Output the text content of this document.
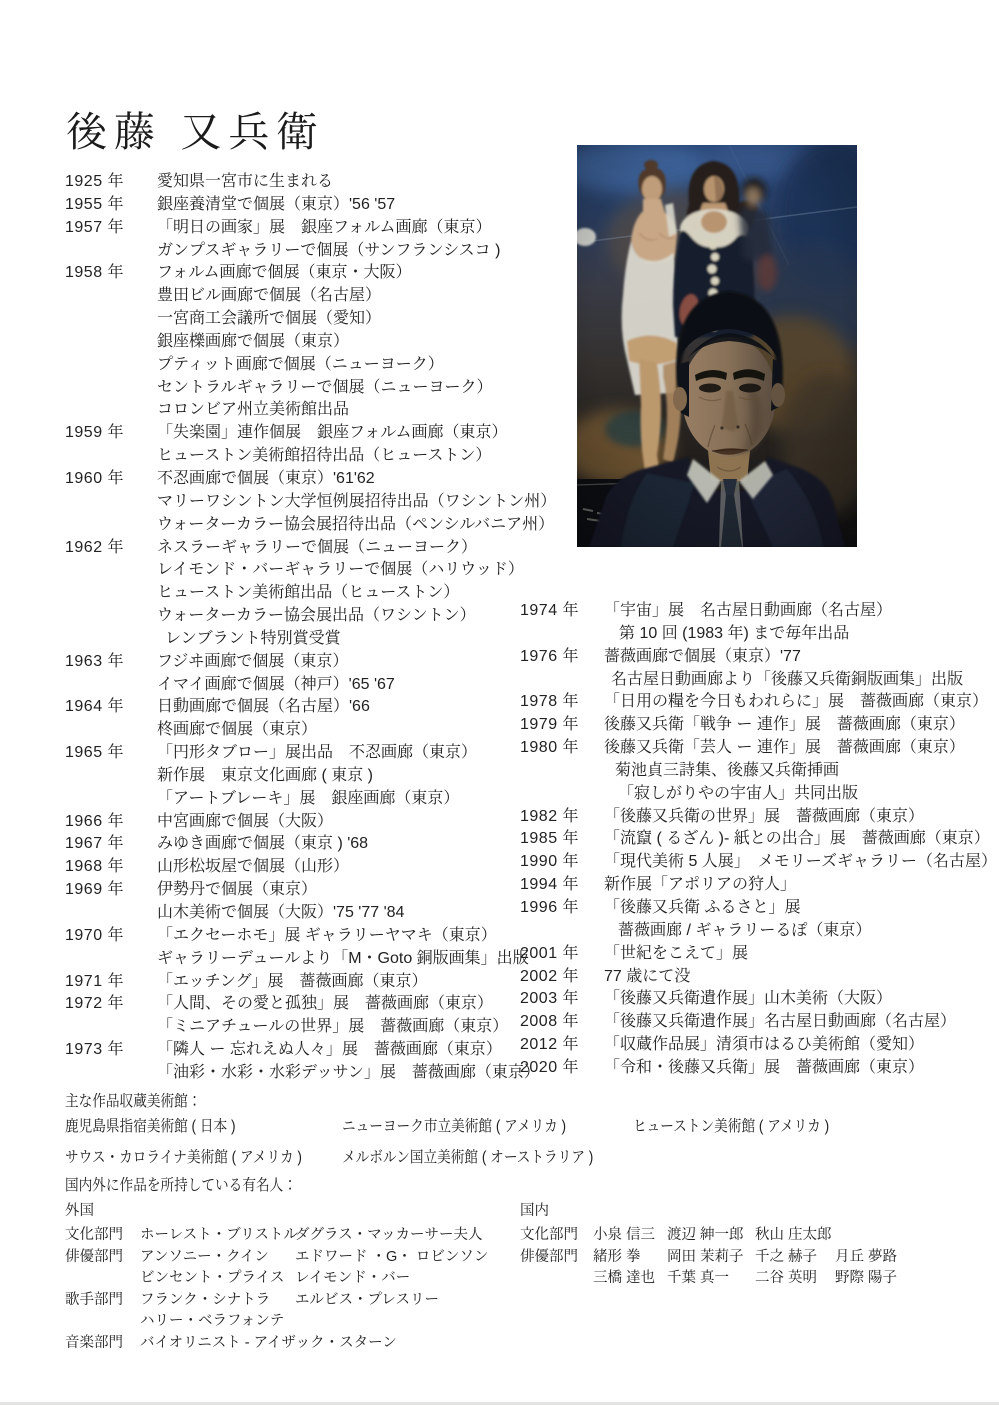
後藤 又兵衛
1925 年 愛知県一宮市に生まれる
1955 年 銀座養清堂で個展（東京）'56 '57
1957 年 「明日の画家」展　銀座フォルム画廊（東京）
ガンプスギャラリーで個展（サンフランシスコ )
1958 年 フォルム画廊で個展（東京・大阪）
豊田ビル画廊で個展（名古屋）
一宮商工会議所で個展（愛知）
銀座櫟画廊で個展（東京）
プティット画廊で個展（ニューヨーク）
セントラルギャラリーで個展（ニューヨーク）
コロンビア州立美術館出品
1959 年 「失楽園」連作個展　銀座フォルム画廊（東京）
ヒューストン美術館招待出品（ヒューストン）
1960 年 不忍画廊で個展（東京）'61'62
マリーワシントン大学恒例展招待出品（ワシントン州）
ウォーターカラー協会展招待出品（ペンシルバニア州）
1962 年 ネスラーギャラリーで個展（ニューヨーク）
レイモンド・バーギャラリーで個展（ハリウッド）
ヒューストン美術館出品（ヒューストン）
ウォーターカラー協会展出品（ワシントン）
レンブラント特別賞受賞
1963 年 フジヰ画廊で個展（東京）
イマイ画廊で個展（神戸）'65 '67
1964 年 日動画廊で個展（名古屋）'66
柊画廊で個展（東京）
1965 年 「円形タブロー」展出品　不忍画廊（東京）
新作展　東京文化画廊 ( 東京 )
「アートブレーキ」展　銀座画廊（東京）
1966 年 中宮画廊で個展（大阪）
1967 年 みゆき画廊で個展（東京 ) '68
1968 年 山形松坂屋で個展（山形）
1969 年 伊勢丹で個展（東京）
山木美術で個展（大阪）'75 '77 '84
1970 年 「エクセーホモ」展 ギャラリーヤマキ（東京）
ギャラリーデュールより「M・Goto 銅版画集」出版
1971 年 「エッチング」展　薔薇画廊（東京）
1972 年 「人間、その愛と孤独」展　薔薇画廊（東京）
「ミニアチュールの世界」展　薔薇画廊（東京）
1973 年 「隣人 ー 忘れえぬ人々」展　薔薇画廊（東京）
「油彩・水彩・水彩デッサン」展　薔薇画廊（東京）
1974 年 「宇宙」展　名古屋日動画廊（名古屋）
第 10 回 (1983 年) まで毎年出品
1976 年 薔薇画廊で個展（東京）'77
名古屋日動画廊より「後藤又兵衛銅版画集」出版
1978 年 「日用の糧を今日もわれらに」展　薔薇画廊（東京）
1979 年 後藤又兵衛「戦争 ー 連作」展　薔薇画廊（東京）
1980 年 後藤又兵衛「芸人 ー 連作」展　薔薇画廊（東京）
菊池貞三詩集、後藤又兵衛挿画
「寂しがりやの宇宙人」共同出版
1982 年 「後藤又兵衛の世界」展　薔薇画廊（東京）
1985 年 「流竄 ( るざん )- 紙との出合」展　薔薇画廊（東京）
1990 年 「現代美術 5 人展」　メモリーズギャラリー（名古屋）
1994 年 新作展「アポリアの狩人」
1996 年 「後藤又兵衛 ふるさと」展
薔薇画廊 / ギャラリーるぽ（東京）
2001 年 「世紀をこえて」展
2002 年 77 歳にて没
2003 年 「後藤又兵衛遺作展」山木美術（大阪）
2008 年 「後藤又兵衛遺作展」名古屋日動画廊（名古屋）
2012 年 「収蔵作品展」清須市はるひ美術館（愛知）
2020 年 「令和・後藤又兵衛」展　薔薇画廊（東京）
主な作品収蔵美術館：
鹿児島県指宿美術館 ( 日本 )	ニューヨーク市立美術館 ( アメリカ )	ヒューストン美術館 ( アメリカ )
サウス・カロライナ美術館 ( アメリカ )	メルボルン国立美術館 ( オーストラリア )
国内外に作品を所持している有名人：
外国
文化部門	ホーレスト・ブリストル
ダグラス・マッカーサー夫人
俳優部門	アンソニー・クイン	エドワード ・G・ ロビンソン
ビンセント・プライス レイモンド・バー
歌手部門	フランク・シナトラ	エルビス・プレスリー
ハリー・ベラフォンテ
音楽部門	バイオリニスト - アイザック・スターン
国内
文化部門	小泉 信三 渡辺 紳一郎 秋山 庄太郎
俳優部門	緒形 拳	岡田 茉莉子 千之 赫子	月丘 夢路
三橋 達也 千葉 真一	二谷 英明	野際 陽子
